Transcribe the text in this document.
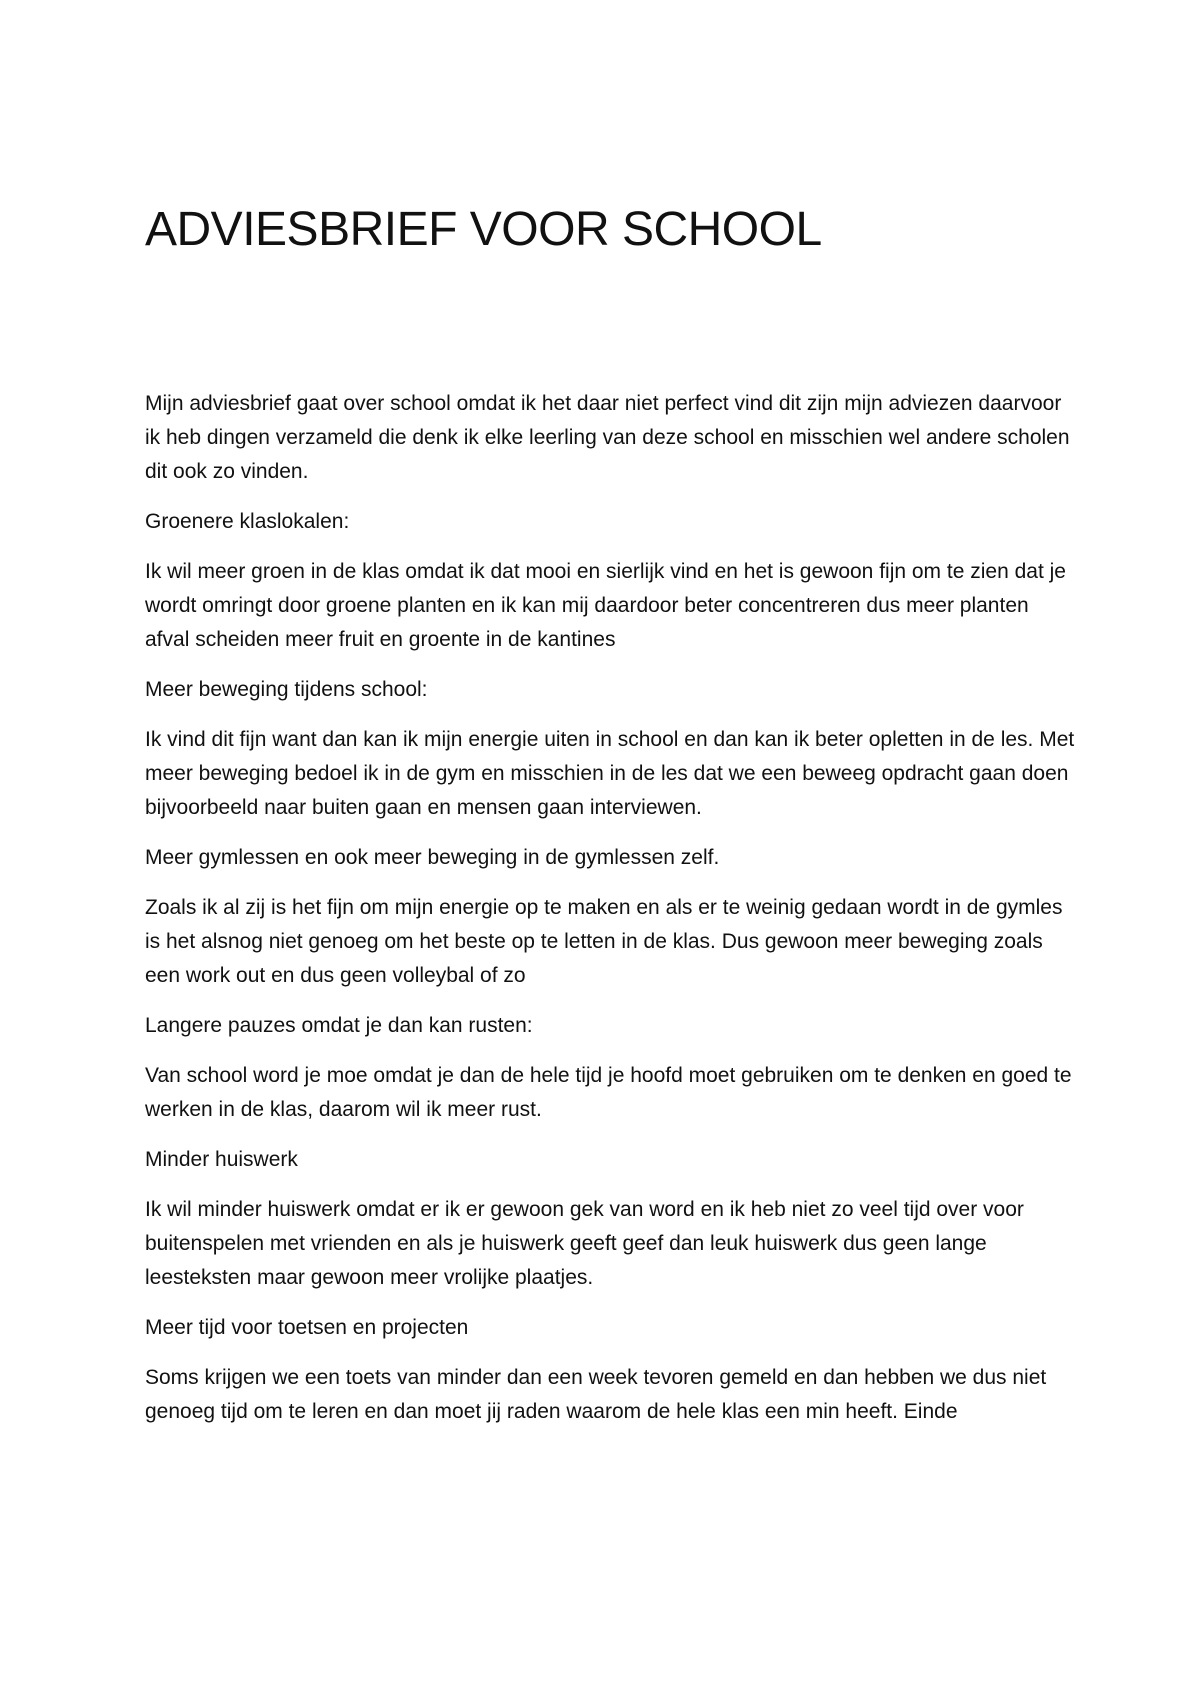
ADVIESBRIEF VOOR SCHOOL

Mijn adviesbrief gaat over school omdat ik het daar niet perfect vind dit zijn mijn adviezen daarvoor ik heb dingen verzameld die denk ik elke leerling van deze school en misschien wel andere scholen dit ook zo vinden.

Groenere klaslokalen:

Ik wil meer groen in de klas omdat ik dat mooi en sierlijk vind en het is gewoon fijn om te zien dat je wordt omringt door groene planten en ik kan mij daardoor beter concentreren dus meer planten afval scheiden meer fruit en groente in de kantines

Meer beweging tijdens school:

Ik vind dit fijn want dan kan ik mijn energie uiten in school en dan kan ik beter opletten in de les. Met meer beweging bedoel ik in de gym en misschien in de les dat we een beweeg opdracht gaan doen bijvoorbeeld naar buiten gaan en mensen gaan interviewen.

Meer gymlessen en ook meer beweging in de gymlessen zelf.

Zoals ik al zij is het fijn om mijn energie op te maken en als er te weinig gedaan wordt in de gymles is het alsnog niet genoeg om het beste op te letten in de klas. Dus gewoon meer beweging zoals een work out en dus geen volleybal of zo

Langere pauzes omdat je dan kan rusten:

Van school word je moe omdat je dan de hele tijd je hoofd moet gebruiken om te denken en goed te werken in de klas, daarom wil ik meer rust.

Minder huiswerk

Ik wil minder huiswerk omdat er ik er gewoon gek van word en ik heb niet zo veel tijd over voor buitenspelen met vrienden en als je huiswerk geeft geef dan leuk huiswerk dus geen lange leesteksten maar gewoon meer vrolijke plaatjes.

Meer tijd voor toetsen en projecten

Soms krijgen we een toets van minder dan een week tevoren gemeld en dan hebben we dus niet genoeg tijd om te leren en dan moet jij raden waarom de hele klas een min heeft. Einde
